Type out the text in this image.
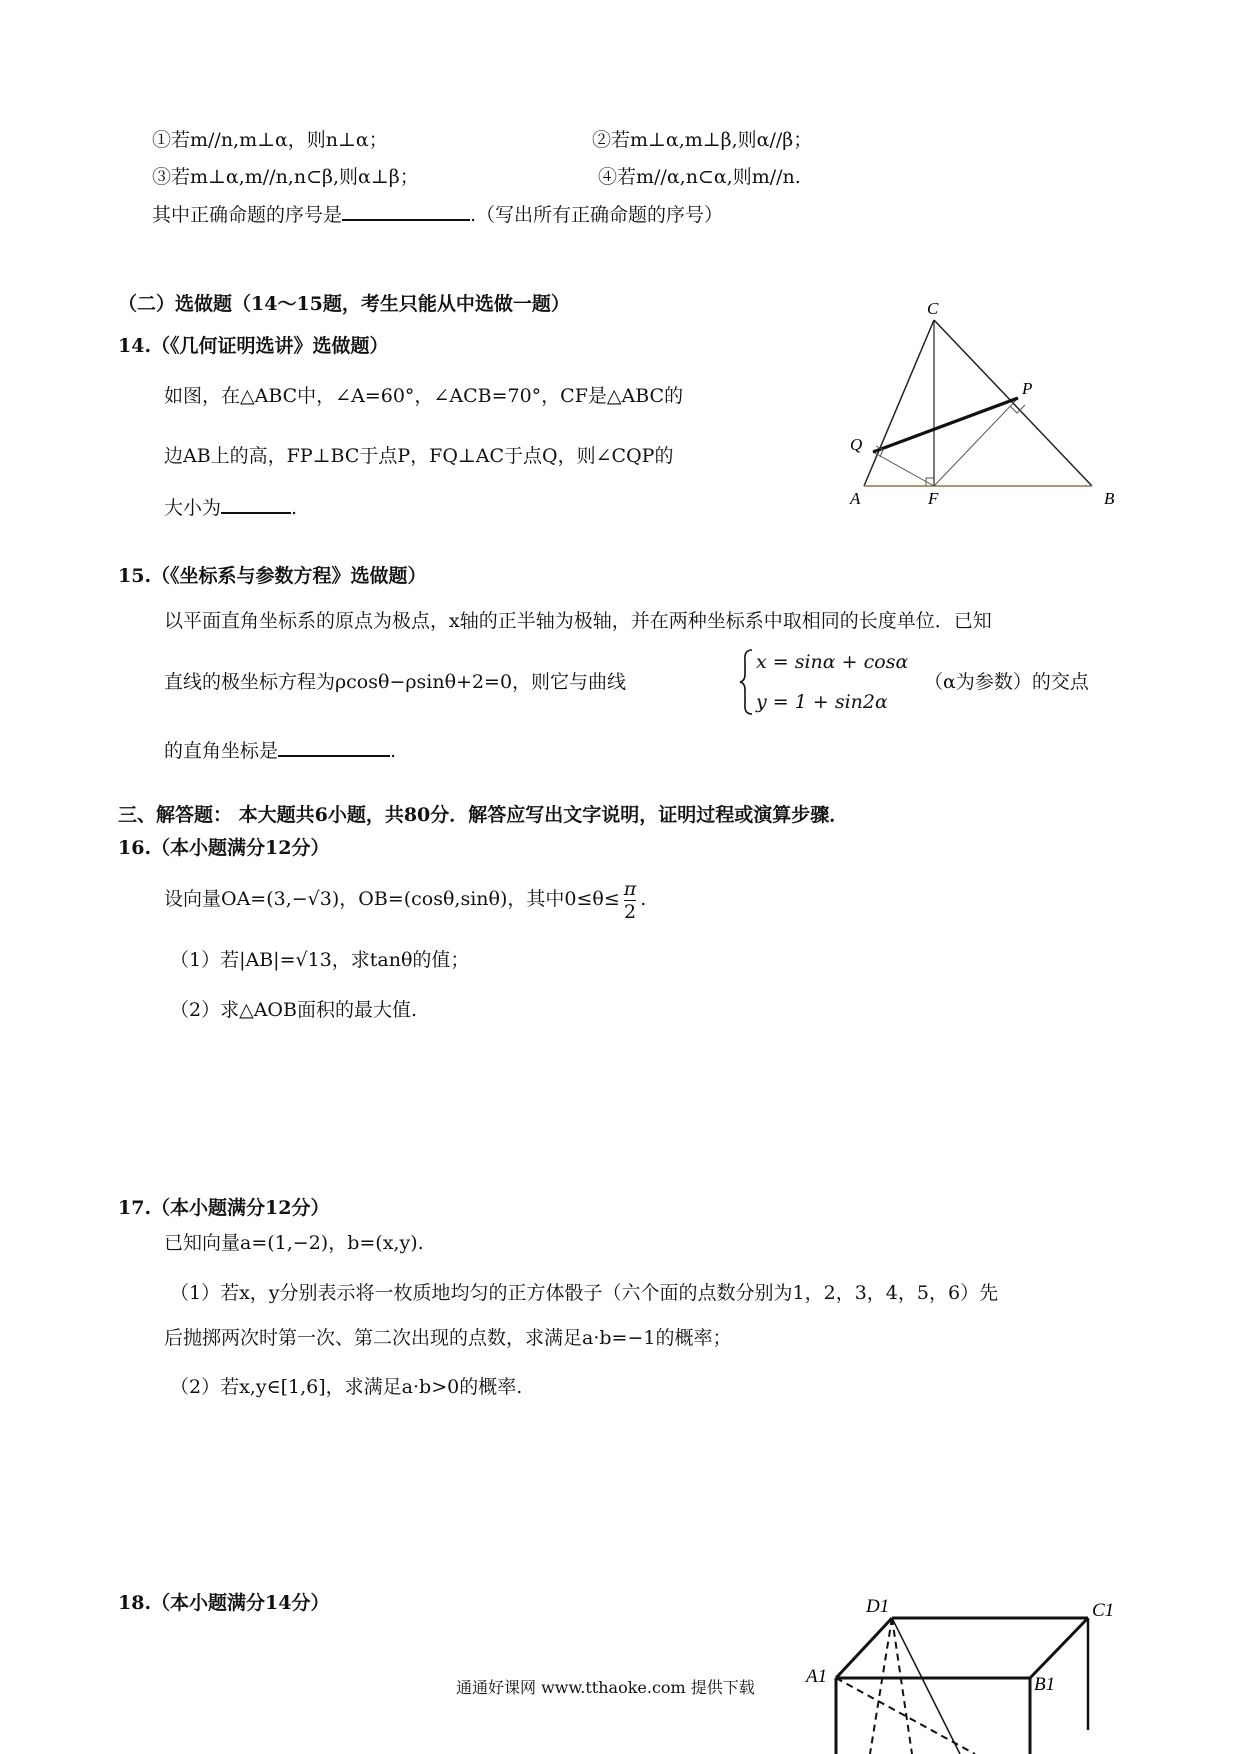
①若m//n,m⊥α，则n⊥α；	②若m⊥α,m⊥β,则α//β；
③若m⊥α,m//n,n⊂β,则α⊥β；	④若m//α,n⊂α,则m//n.
其中正确命题的序号是	.（写出所有正确命题的序号）
（二）选做题（14～15题，考生只能从中选做一题）
14.（《几何证明选讲》选做题）
如图，在△ABC中，∠A=60°，∠ACB=70°，CF是△ABC的
边AB上的高，FP⊥BC于点P，FQ⊥AC于点Q，则∠CQP的
大小为	.
C
P
Q
A	F	B
15.（《坐标系与参数方程》选做题）
以平面直角坐标系的原点为极点，x轴的正半轴为极轴，并在两种坐标系中取相同的长度单位．已知
直线的极坐标方程为ρcosθ−ρsinθ+2=0，则它与曲线
x = sinα + cosα
y = 1 + sin2α
（α为参数）的交点
的直角坐标是	.
三、解答题： 本大题共6小题，共80分．解答应写出文字说明，证明过程或演算步骤．
16.（本小题满分12分）
设向量OA=(3,−√3)，OB=(cosθ,sinθ)，其中$0\le\theta\le \frac{\pi}{2}$ .
（1）若|AB|=√13，求tanθ的值；
（2）求△AOB面积的最大值.
17.（本小题满分12分）
已知向量a=(1,−2)，b=(x,y).
（1）若x，y分别表示将一枚质地均匀的正方体骰子（六个面的点数分别为1，2，3，4，5，6）先
后抛掷两次时第一次、第二次出现的点数，求满足a·b=−1的概率；
（2）若x,y∈[1,6]，求满足a·b>0的概率.
18.（本小题满分14分）	D1	C1
A1	B1
通通好课网 www.tthaoke.com 提供下载
